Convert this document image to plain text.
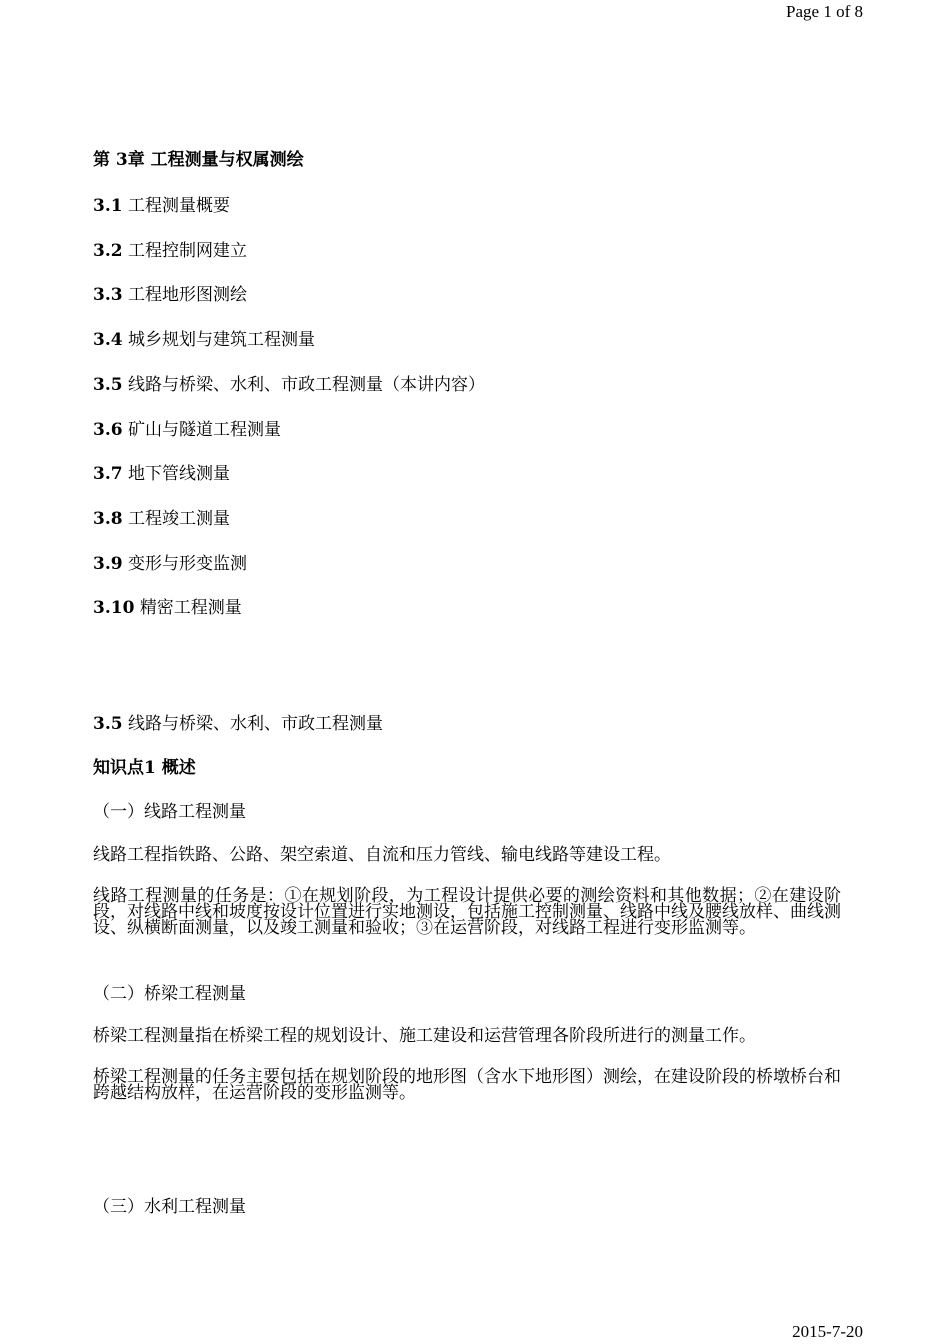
Page 1 of 8
第 3章 工程测量与权属测绘
3.1 工程测量概要
3.2 工程控制网建立
3.3 工程地形图测绘
3.4 城乡规划与建筑工程测量
3.5 线路与桥梁、水利、市政工程测量（本讲内容）
3.6 矿山与隧道工程测量
3.7 地下管线测量
3.8 工程竣工测量
3.9 变形与形变监测
3.10 精密工程测量
3.5 线路与桥梁、水利、市政工程测量
知识点1 概述
（一）线路工程测量
线路工程指铁路、公路、架空索道、自流和压力管线、输电线路等建设工程。
线路工程测量的任务是：①在规划阶段，为工程设计提供必要的测绘资料和其他数据；②在建设阶段，对线路中线和坡度按设计位置进行实地测设，包括施工控制测量、线路中线及腰线放样、曲线测设、纵横断面测量，以及竣工测量和验收；③在运营阶段，对线路工程进行变形监测等。
（二）桥梁工程测量
桥梁工程测量指在桥梁工程的规划设计、施工建设和运营管理各阶段所进行的测量工作。
桥梁工程测量的任务主要包括在规划阶段的地形图（含水下地形图）测绘，在建设阶段的桥墩桥台和跨越结构放样，在运营阶段的变形监测等。
（三）水利工程测量
2015-7-20
